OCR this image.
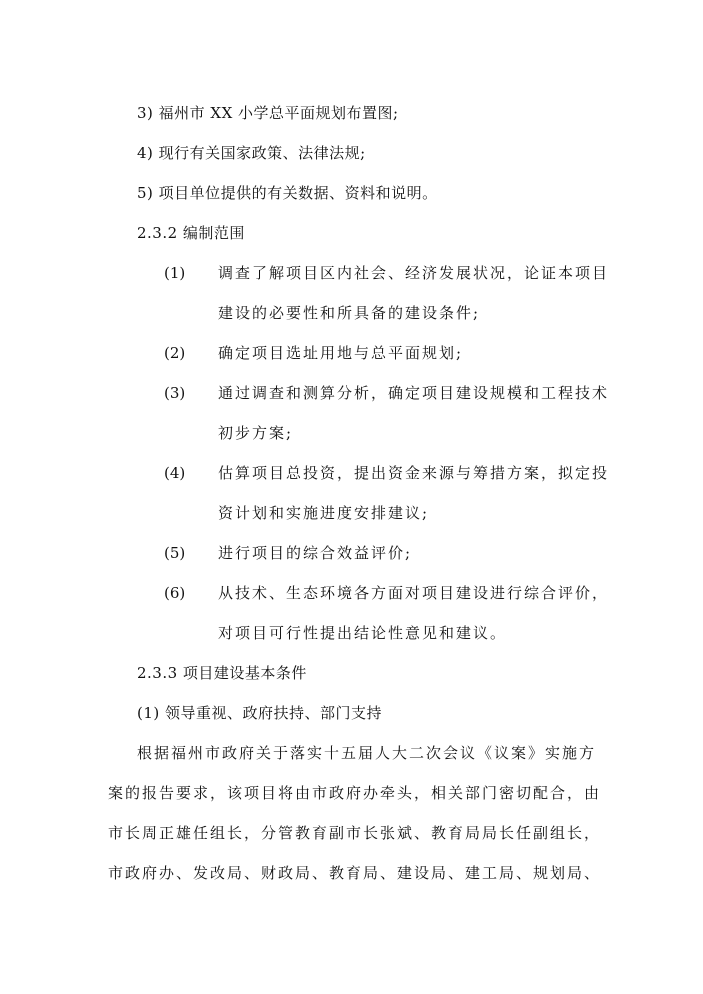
3) 福州市 XX 小学总平面规划布置图;
4) 现行有关国家政策、法律法规;
5) 项目单位提供的有关数据、资料和说明。
2.3.2 编制范围
(1) 调查了解项目区内社会、经济发展状况，论证本项目
建设的必要性和所具备的建设条件;
(2) 确定项目选址用地与总平面规划;
(3) 通过调查和测算分析，确定项目建设规模和工程技术
初步方案;
(4) 估算项目总投资，提出资金来源与筹措方案，拟定投
资计划和实施进度安排建议;
(5) 进行项目的综合效益评价;
(6) 从技术、生态环境各方面对项目建设进行综合评价，
对项目可行性提出结论性意见和建议。
2.3.3 项目建设基本条件
(1) 领导重视、政府扶持、部门支持
根据福州市政府关于落实十五届人大二次会议《议案》实施方
案的报告要求，该项目将由市政府办牵头，相关部门密切配合，由
市长周正雄任组长，分管教育副市长张斌、教育局局长任副组长，
市政府办、发改局、财政局、教育局、建设局、建工局、规划局、
